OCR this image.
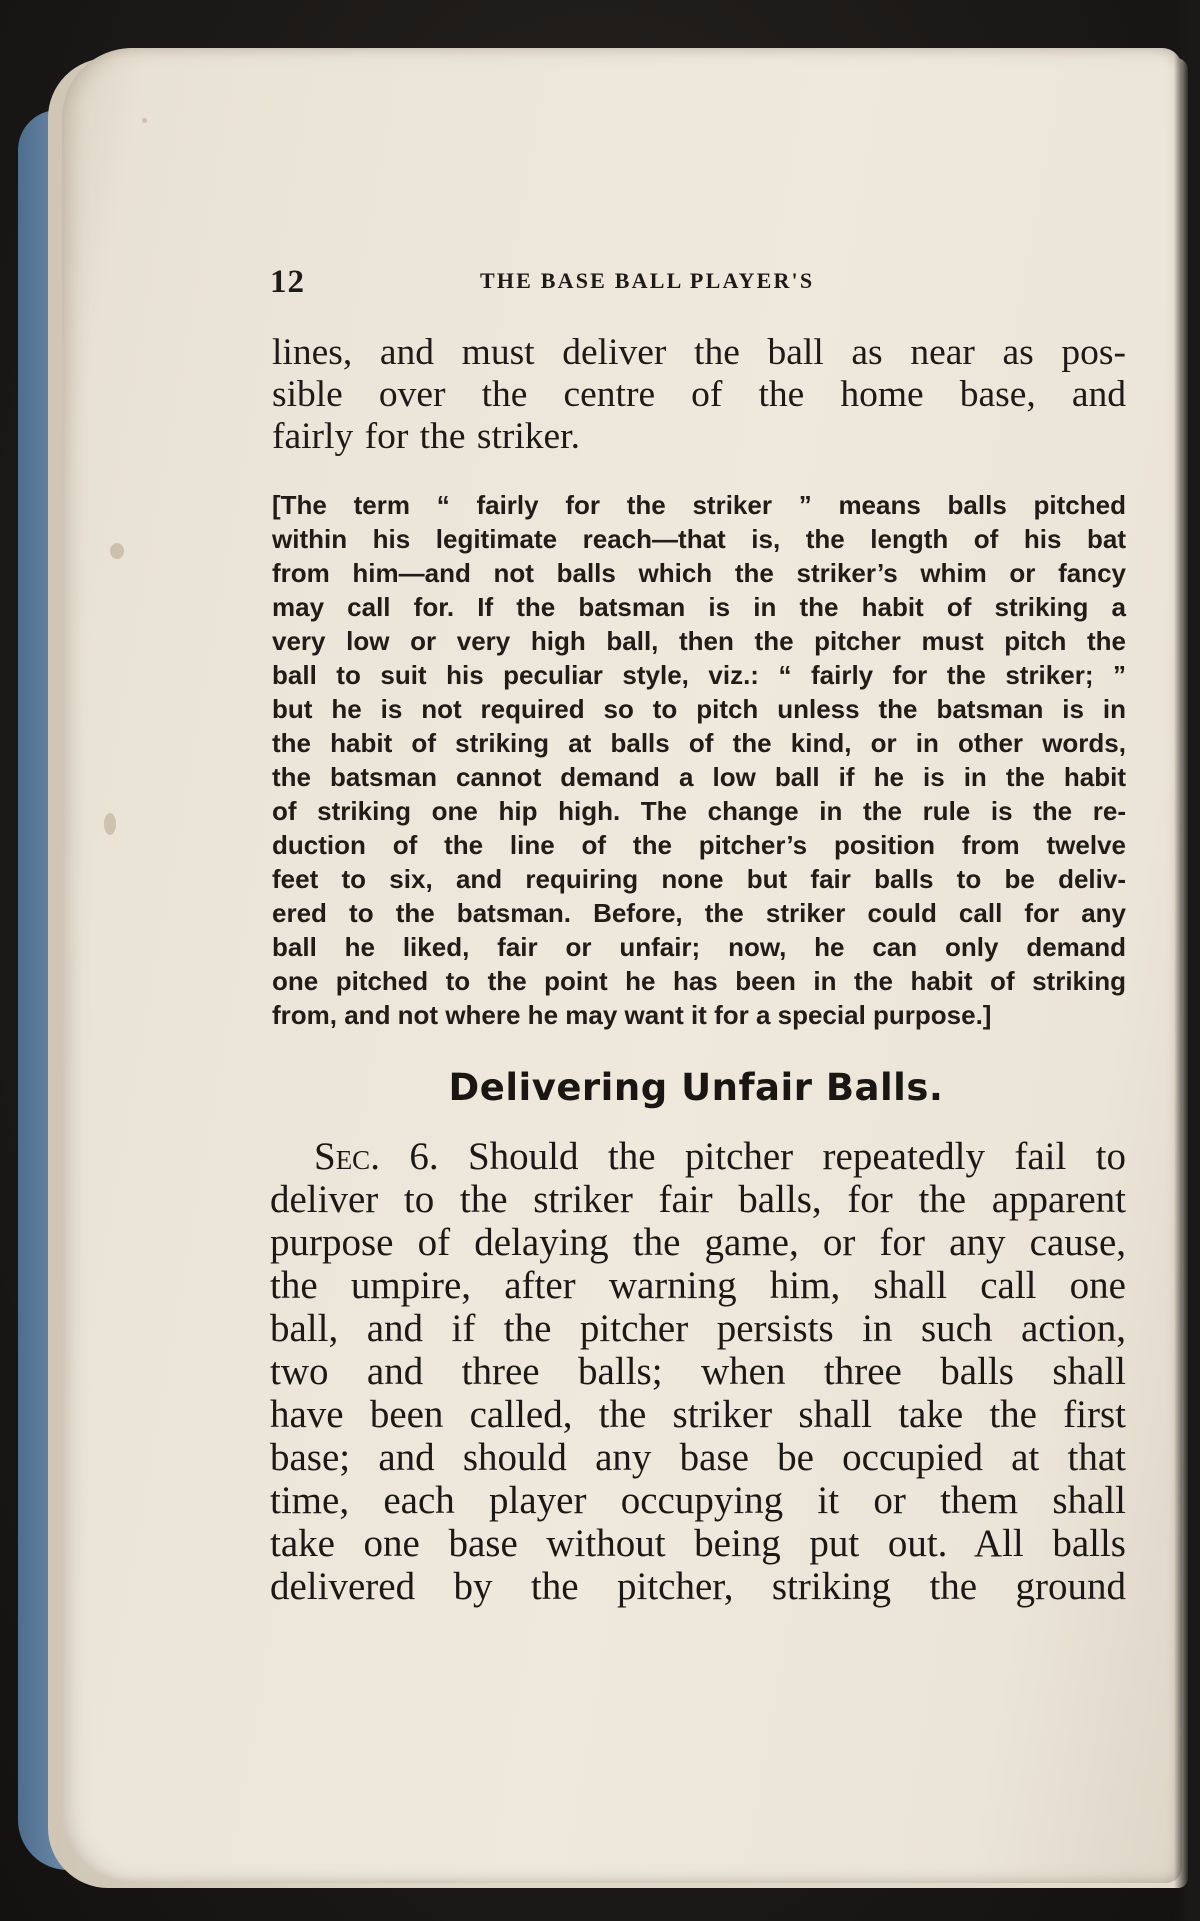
12	THE BASE BALL PLAYER'S
lines, and must deliver the ball as near as pos-
sible over the centre of the home base, and
fairly for the striker.
[The term “ fairly for the striker ” means balls pitched
within his legitimate reach—that is, the length of his bat
from him—and not balls which the striker’s whim or fancy
may call for. If the batsman is in the habit of striking a
very low or very high ball, then the pitcher must pitch the
ball to suit his peculiar style, viz.: “ fairly for the striker; ”
but he is not required so to pitch unless the batsman is in
the habit of striking at balls of the kind, or in other words,
the batsman cannot demand a low ball if he is in the habit
of striking one hip high. The change in the rule is the re-
duction of the line of the pitcher’s position from twelve
feet to six, and requiring none but fair balls to be deliv-
ered to the batsman. Before, the striker could call for any
ball he liked, fair or unfair; now, he can only demand
one pitched to the point he has been in the habit of striking
from, and not where he may want it for a special purpose.]
Delivering Unfair Balls.
Sec. 6. Should the pitcher repeatedly fail to
deliver to the striker fair balls, for the apparent
purpose of delaying the game, or for any cause,
the umpire, after warning him, shall call one
ball, and if the pitcher persists in such action,
two and three balls; when three balls shall
have been called, the striker shall take the first
base; and should any base be occupied at that
time, each player occupying it or them shall
take one base without being put out. All balls
delivered by the pitcher, striking the ground
